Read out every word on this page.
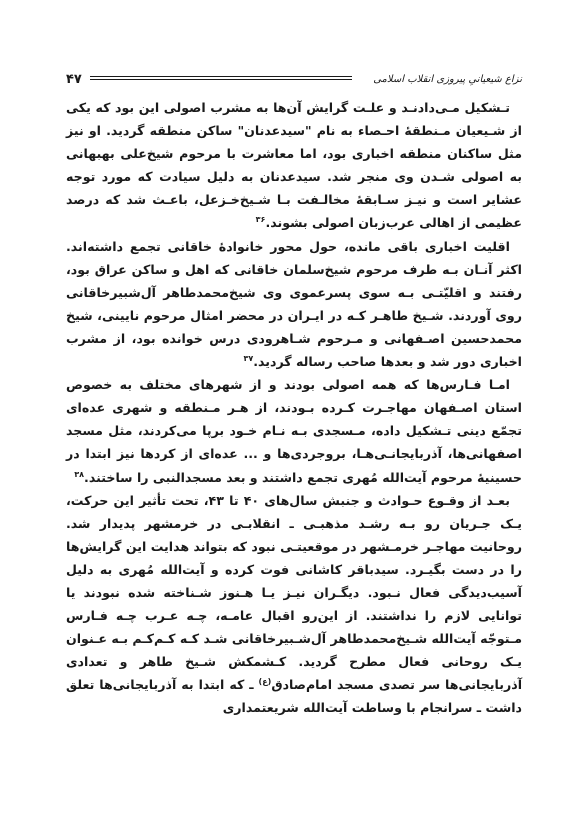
نزاع شیعیانیِ پیروزی انقلاب اسلامی
۴۷

تـشکیل مـی‌دادنـد و علـت گرایش آن‌ها به مشرب اصولی این بود که یکی از شـیعیان مـنطقهٔ احـصاء به نام "سیدعدنان" ساکن منطقه گردید. او نیز مثل ساکنان منطقه اخباری بود، اما معاشرت با مرحوم شیخ‌علی بهبهانی به اصولی شـدن وی منجر شد. سیدعدنان به دلیل سیادت که مورد توجه عشایر است و نیـز سـابقهٔ مخالـفت بـا شـیخ‌خـزعل، باعـث شد که درصد عظیمی از اهالی عرب‌زبان اصولی بشوند.$^{۳۶}$

اقلیت اخباری باقی مانده، حول محور خانوادهٔ خاقانی تجمع داشته‌اند. اکثر آنـان بـه طرف مرحوم شیخ‌سلمان خاقانی که اهل و ساکن عراق بود، رفتند و اقلیّتـی بـه سوی پسرعموی وی شیخ‌محمدطاهر آل‌شبیرخاقانی روی آوردند. شـیخ طاهـر کـه در ایـران در محضر امثال مرحوم نایینی، شیخ محمدحسین اصـفهانی و مـرحوم شـاهرودی درس خوانده بود، از مشرب اخباری دور شد و بعدها صاحب رساله گردید.$^{۳۷}$

امـا فـارس‌ها که همه اصولی بودند و از شهرهای مختلف به خصوص استان اصـفهان مهاجـرت کـرده بـودند، از هـر مـنطقه و شهری عده‌ای تجمّع دینی تـشکیل داده، مـسجدی بـه نـام خـود برپا می‌کردند، مثل مسجد اصفهانی‌ها، آذربایجانـی‌هـا، بروجردی‌ها و ... عده‌ای از کردها نیز ابتدا در حسینیهٔ مرحوم آیت‌الله مُهری تجمع داشتند و بعد مسجدالنبی را ساختند.$^{۳۸}$

بعـد از وقـوع حـوادث و جنبش سال‌های ۴۰ تا ۴۳، تحت تأثیر این حرکت، یـک جـریان رو بـه رشـد مذهبـی ـ انقلابـی در خرمشهر پدیدار شد. روحانیت مهاجـر خرمـشهر در موقعیتـی نبود که بتواند هدایت این گرایش‌ها را در دست بگیـرد. سیدباقر کاشانی فوت کرده و آیت‌الله مُهری به دلیل آسیب‌دیدگی فعال نـبود. دیگـران نیـز یـا هـنوز شـناخته شده نبودند یا توانایی لازم را نداشتند. از این‌رو اقبال عامـه، چـه عـرب چـه فـارس مـتوجّه آیت‌الله شـیخ‌محمدطاهر آل‌شـبیرخاقانی شـد کـه کـم‌کـم بـه عـنوان یـک روحانی فعال مطرح گردید. کـشمکش شـیخ طاهر و تعدادی آذربایجانی‌ها سر تصدی مسجد امام‌صادق$^{(ع)}$ ـ که ابتدا به آذربایجانی‌ها تعلق داشت ـ سرانجام با وساطت آیت‌الله شریعتمداری
